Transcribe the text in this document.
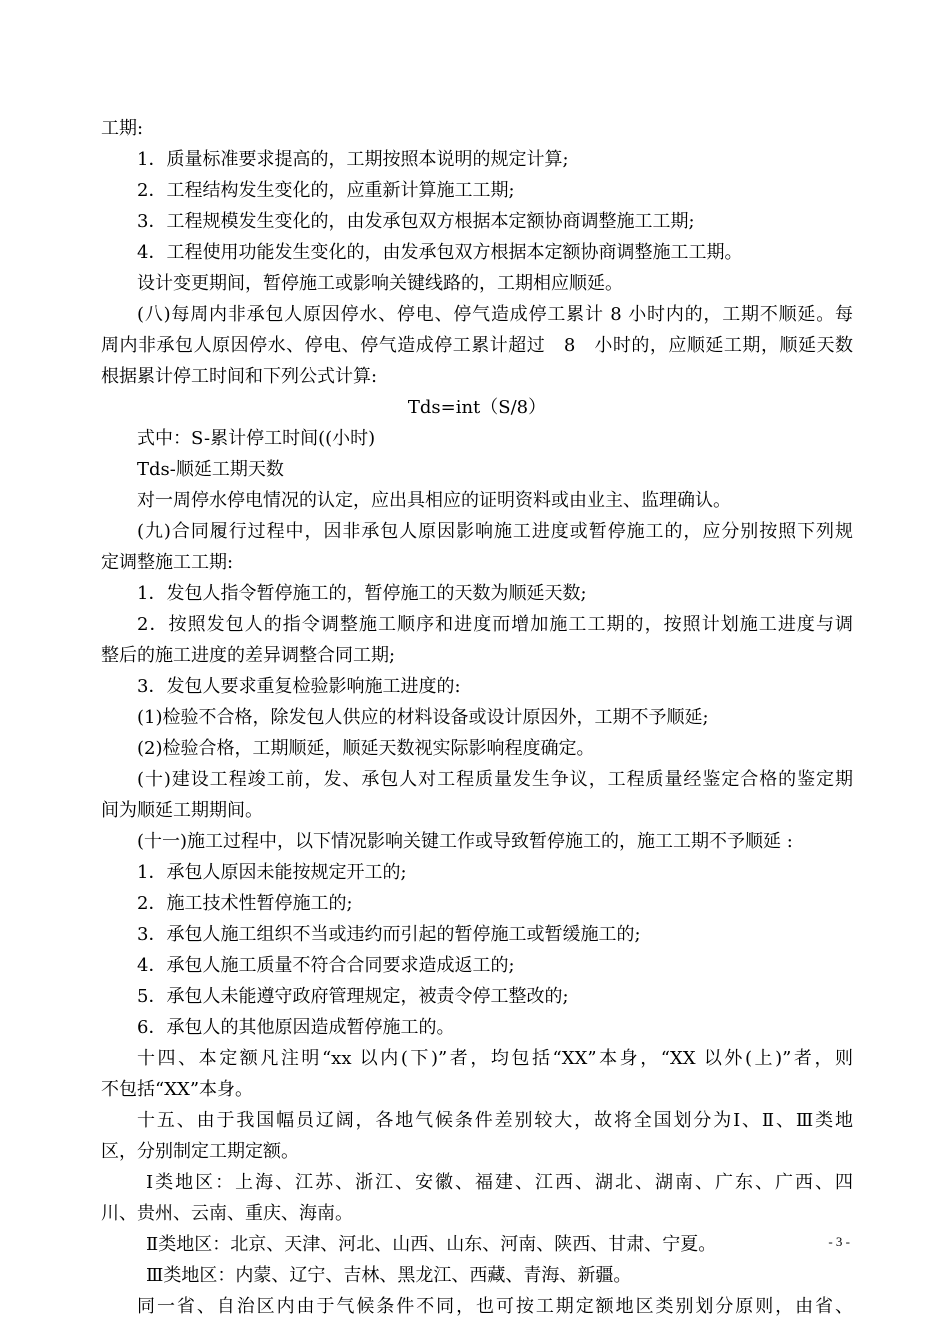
工期:
1．质量标准要求提高的，工期按照本说明的规定计算;
2．工程结构发生变化的，应重新计算施工工期;
3．工程规模发生变化的，由发承包双方根据本定额协商调整施工工期;
4．工程使用功能发生变化的，由发承包双方根据本定额协商调整施工工期。
设计变更期间，暂停施工或影响关键线路的，工期相应顺延。
(八)每周内非承包人原因停水、停电、停气造成停工累计 8 小时内的，工期不顺延。每
周内非承包人原因停水、停电、停气造成停工累计超过　8　小时的，应顺延工期，顺延天数
根据累计停工时间和下列公式计算:
Tds=int（S/8）
式中：S-累计停工时间((小时)
Tds-顺延工期天数
对一周停水停电情况的认定，应出具相应的证明资料或由业主、监理确认。
(九)合同履行过程中，因非承包人原因影响施工进度或暂停施工的，应分别按照下列规
定调整施工工期:
1．发包人指令暂停施工的，暂停施工的天数为顺延天数;
2．按照发包人的指令调整施工顺序和进度而增加施工工期的，按照计划施工进度与调
整后的施工进度的差异调整合同工期;
3．发包人要求重复检验影响施工进度的:
(1)检验不合格，除发包人供应的材料设备或设计原因外，工期不予顺延;
(2)检验合格，工期顺延，顺延天数视实际影响程度确定。
(十)建设工程竣工前，发、承包人对工程质量发生争议，工程质量经鉴定合格的鉴定期
间为顺延工期期间。
(十一)施工过程中，以下情况影响关键工作或导致暂停施工的，施工工期不予顺延 :
1．承包人原因未能按规定开工的;
2．施工技术性暂停施工的;
3．承包人施工组织不当或违约而引起的暂停施工或暂缓施工的;
4．承包人施工质量不符合合同要求造成返工的;
5．承包人未能遵守政府管理规定，被责令停工整改的;
6．承包人的其他原因造成暂停施工的。
十四、本定额凡注明“xx 以内(下)”者，均包括“XX”本身，“XX 以外(上)”者，则
不包括“XX”本身。
十五、由于我国幅员辽阔，各地气候条件差别较大，故将全国划分为Ⅰ、Ⅱ、Ⅲ类地
区，分别制定工期定额。
Ⅰ类地区：上海、江苏、浙江、安徽、福建、江西、湖北、湖南、广东、广西、四
川、贵州、云南、重庆、海南。
Ⅱ类地区：北京、天津、河北、山西、山东、河南、陕西、甘肃、宁夏。
Ⅲ类地区：内蒙、辽宁、吉林、黑龙江、西藏、青海、新疆。
同一省、自治区内由于气候条件不同，也可按工期定额地区类别划分原则，由省、
- 3 -
